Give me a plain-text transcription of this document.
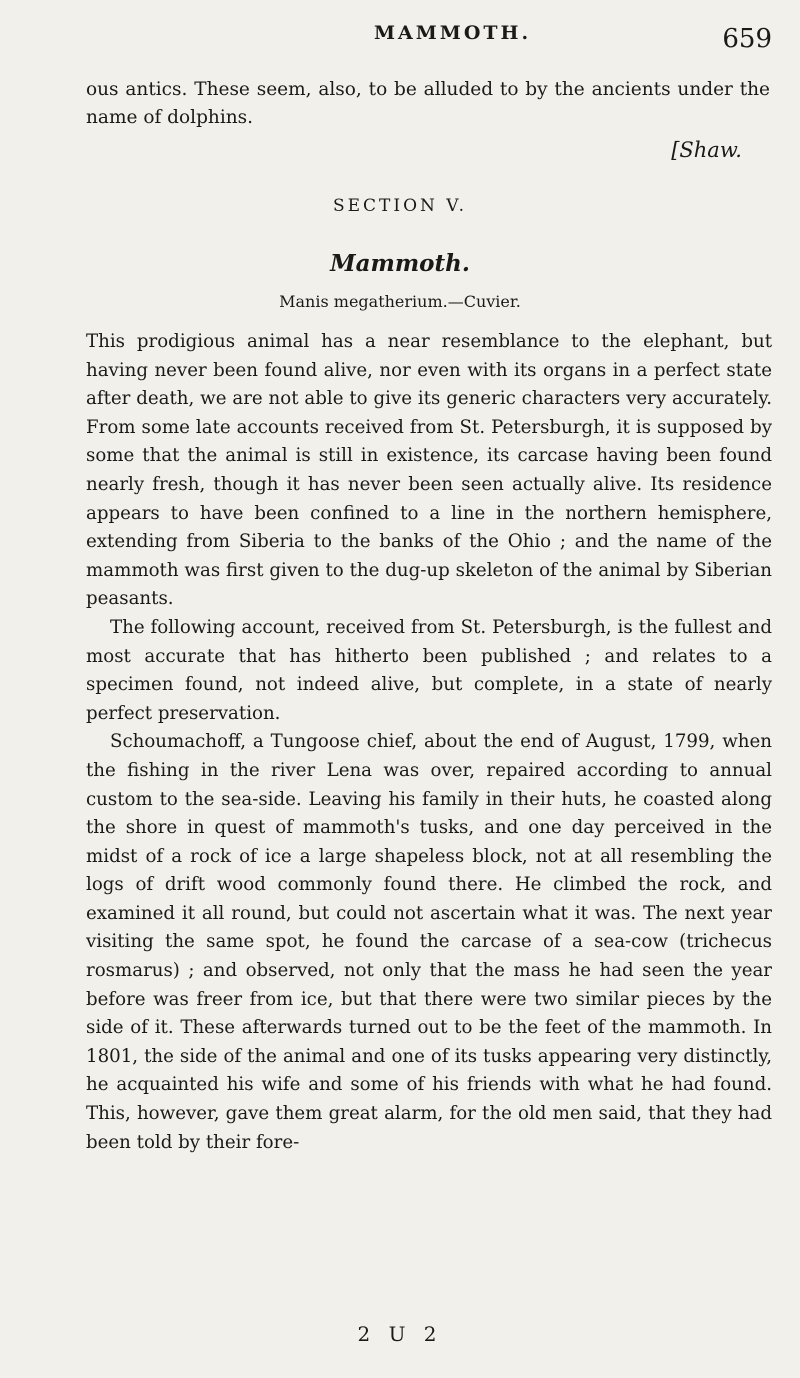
MAMMOTH.	659
ous antics. These seem, also, to be alluded to by the ancients under the name of dolphins.
[Shaw.
SECTION V.
Mammoth.
Manis megatherium.—Cuvier.

This prodigious animal has a near resemblance to the elephant, but having never been found alive, nor even with its organs in a perfect state after death, we are not able to give its generic characters very accurately. From some late accounts received from St. Petersburgh, it is supposed by some that the animal is still in existence, its carcase having been found nearly fresh, though it has never been seen actually alive. Its residence appears to have been confined to a line in the northern hemisphere, extending from Siberia to the banks of the Ohio ; and the name of the mammoth was first given to the dug-up skeleton of the animal by Siberian peasants.

The following account, received from St. Petersburgh, is the fullest and most accurate that has hitherto been published ; and relates to a specimen found, not indeed alive, but complete, in a state of nearly perfect preservation.

Schoumachoff, a Tungoose chief, about the end of August, 1799, when the fishing in the river Lena was over, repaired according to annual custom to the sea-side. Leaving his family in their huts, he coasted along the shore in quest of mammoth's tusks, and one day perceived in the midst of a rock of ice a large shapeless block, not at all resembling the logs of drift wood commonly found there. He climbed the rock, and examined it all round, but could not ascertain what it was. The next year visiting the same spot, he found the carcase of a sea-cow (trichecus rosmarus) ; and observed, not only that the mass he had seen the year before was freer from ice, but that there were two similar pieces by the side of it. These afterwards turned out to be the feet of the mammoth. In 1801, the side of the animal and one of its tusks appearing very distinctly, he acquainted his wife and some of his friends with what he had found. This, however, gave them great alarm, for the old men said, that they had been told by their fore-

2 U 2
